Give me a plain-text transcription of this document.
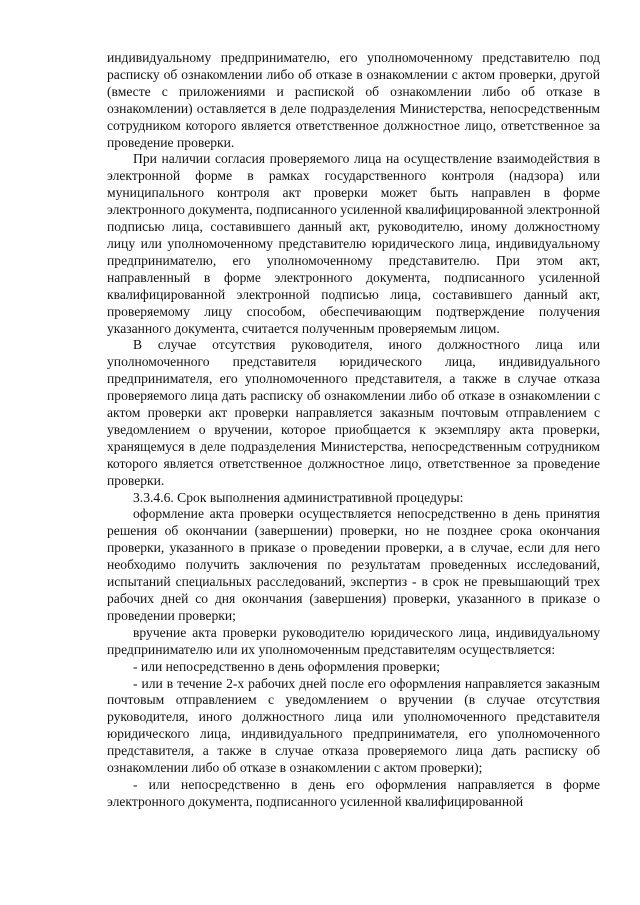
индивидуальному предпринимателю, его уполномоченному представителю под расписку об ознакомлении либо об отказе в ознакомлении с актом проверки, другой (вместе с приложениями и распиской об ознакомлении либо об отказе в ознакомлении) оставляется в деле подразделения Министерства, непосредственным сотрудником которого является ответственное должностное лицо, ответственное за проведение проверки.

При наличии согласия проверяемого лица на осуществление взаимодействия в электронной форме в рамках государственного контроля (надзора) или муниципального контроля акт проверки может быть направлен в форме электронного документа, подписанного усиленной квалифицированной электронной подписью лица, составившего данный акт, руководителю, иному должностному лицу или уполномоченному представителю юридического лица, индивидуальному предпринимателю, его уполномоченному представителю. При этом акт, направленный в форме электронного документа, подписанного усиленной квалифицированной электронной подписью лица, составившего данный акт, проверяемому лицу способом, обеспечивающим подтверждение получения указанного документа, считается полученным проверяемым лицом.

В случае отсутствия руководителя, иного должностного лица или уполномоченного представителя юридического лица, индивидуального предпринимателя, его уполномоченного представителя, а также в случае отказа проверяемого лица дать расписку об ознакомлении либо об отказе в ознакомлении с актом проверки акт проверки направляется заказным почтовым отправлением с уведомлением о вручении, которое приобщается к экземпляру акта проверки, хранящемуся в деле подразделения Министерства, непосредственным сотрудником которого является ответственное должностное лицо, ответственное за проведение проверки.

3.3.4.6. Срок выполнения административной процедуры:

оформление акта проверки осуществляется непосредственно в день принятия решения об окончании (завершении) проверки, но не позднее срока окончания проверки, указанного в приказе о проведении проверки, а в случае, если для него необходимо получить заключения по результатам проведенных исследований, испытаний специальных расследований, экспертиз - в срок не превышающий трех рабочих дней со дня окончания (завершения) проверки, указанного в приказе о проведении проверки;

вручение акта проверки руководителю юридического лица, индивидуальному предпринимателю или их уполномоченным представителям осуществляется:

- или непосредственно в день оформления проверки;

- или в течение 2-х рабочих дней после его оформления направляется заказным почтовым отправлением с уведомлением о вручении (в случае отсутствия руководителя, иного должностного лица или уполномоченного представителя юридического лица, индивидуального предпринимателя, его уполномоченного представителя, а также в случае отказа проверяемого лица дать расписку об ознакомлении либо об отказе в ознакомлении с актом проверки);

- или непосредственно в день его оформления направляется в форме электронного документа, подписанного усиленной квалифицированной
